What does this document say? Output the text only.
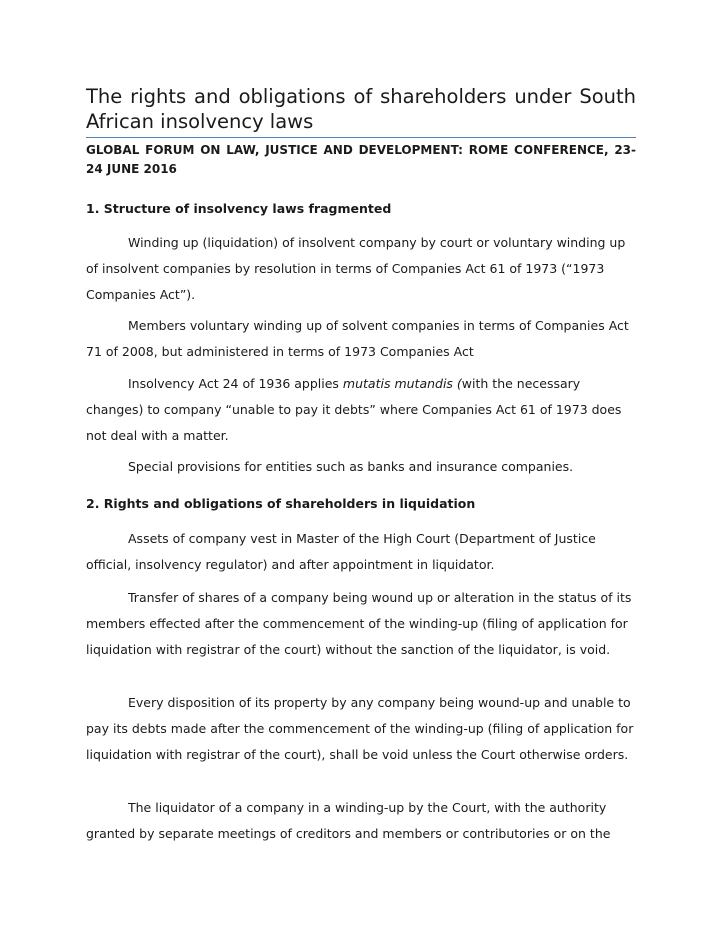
The rights and obligations of shareholders under South African insolvency laws

GLOBAL FORUM ON LAW, JUSTICE AND DEVELOPMENT: ROME CONFERENCE, 23-24 JUNE 2016

1. Structure of insolvency laws fragmented

Winding up (liquidation) of insolvent company by court or voluntary winding up of insolvent companies by resolution in terms of Companies Act 61 of 1973 (“1973 Companies Act”).

Members voluntary winding up of solvent companies in terms of Companies Act 71 of 2008, but administered in terms of 1973 Companies Act

Insolvency Act 24 of 1936 applies mutatis mutandis (with the necessary changes) to company “unable to pay it debts” where Companies Act 61 of 1973 does not deal with a matter.

Special provisions for entities such as banks and insurance companies.

2. Rights and obligations of shareholders in liquidation

Assets of company vest in Master of the High Court (Department of Justice official, insolvency regulator) and after appointment in liquidator.

Transfer of shares of a company being wound up or alteration in the status of its members effected after the commencement of the winding-up (filing of application for liquidation with registrar of the court) without the sanction of the liquidator, is void.

Every disposition of its property by any company being wound-up and unable to pay its debts made after the commencement of the winding-up (filing of application for liquidation with registrar of the court), shall be void unless the Court otherwise orders.

The liquidator of a company in a winding-up by the Court, with the authority granted by separate meetings of creditors and members or contributories or on the
